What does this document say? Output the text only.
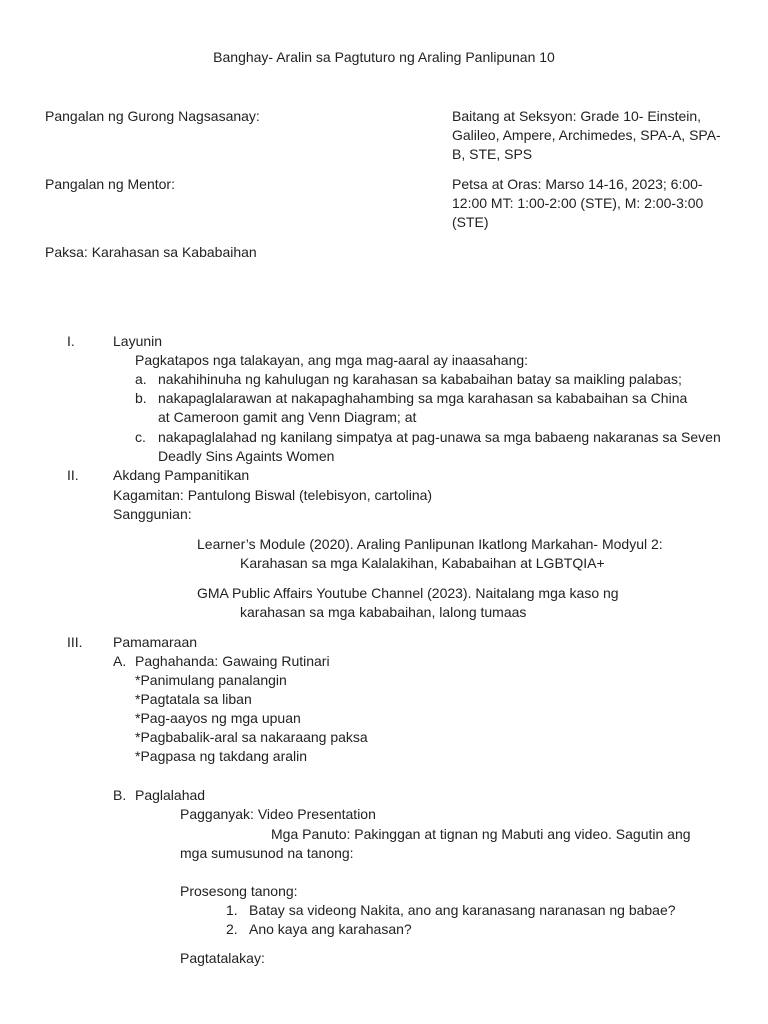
Banghay- Aralin sa Pagtuturo ng Araling Panlipunan 10
Pangalan ng Gurong Nagsasanay:	Baitang at Seksyon: Grade 10- Einstein, Galileo, Ampere, Archimedes, SPA-A, SPA-B, STE, SPS
Pangalan ng Mentor:	Petsa at Oras: Marso 14-16, 2023; 6:00-12:00 MT: 1:00-2:00 (STE), M: 2:00-3:00 (STE)
Paksa: Karahasan sa Kababaihan
I.	Layunin
Pagkatapos nga talakayan, ang mga mag-aaral ay inaasahang:
a. nakahihinuha ng kahulugan ng karahasan sa kababaihan batay sa maikling palabas;
b. nakapaglalarawan at nakapaghahambing sa mga karahasan sa kababaihan sa China at Cameroon gamit ang Venn Diagram; at
c. nakapaglalahad ng kanilang simpatya at pag-unawa sa mga babaeng nakaranas sa Seven Deadly Sins Againts Women
II. Akdang Pampanitikan
Kagamitan: Pantulong Biswal (telebisyon, cartolina)
Sanggunian:
Learner’s Module (2020). Araling Panlipunan Ikatlong Markahan- Modyul 2:
Karahasan sa mga Kalalakihan, Kababaihan at LGBTQIA+
GMA Public Affairs Youtube Channel (2023). Naitalang mga kaso ng
karahasan sa mga kababaihan, lalong tumaas
III. Pamamaraan
A. Paghahanda: Gawaing Rutinari
*Panimulang panalangin
*Pagtatala sa liban
*Pag-aayos ng mga upuan
*Pagbabalik-aral sa nakaraang paksa
*Pagpasa ng takdang aralin
B. Paglalahad
Pagganyak: Video Presentation
Mga Panuto: Pakinggan at tignan ng Mabuti ang video. Sagutin ang
mga sumusunod na tanong:
Prosesong tanong:
1. Batay sa videong Nakita, ano ang karanasang naranasan ng babae?
2. Ano kaya ang karahasan?
Pagtatalakay:
